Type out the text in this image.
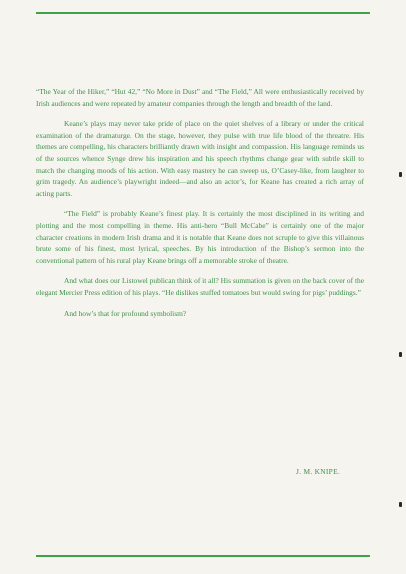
“The Year of the Hiker,” “Hut 42,” “No More in Dust” and “The Field,” All were enthusiastically received by Irish audiences and were repeated by amateur companies through the length and breadth of the land.

Keane’s plays may never take pride of place on the quiet shelves of a library or under the critical examination of the dramaturge. On the stage, however, they pulse with true life blood of the threatre. His themes are compelling, his characters brilliantly drawn with insight and compassion. His language reminds us of the sources whence Synge drew his inspiration and his speech rhythms change gear with subtle skill to match the changing moods of his action. With easy mastery he can sweep us, O’Casey-like, from laughter to grim tragedy. An audience’s playwright indeed—and also an actor’s, for Keane has created a rich array of acting parts.

“The Field” is probably Keane’s finest play. It is certainly the most disciplined in its writing and plotting and the most compelling in theme. His anti-hero “Bull McCabe” is certainly one of the major character creations in modern Irish drama and it is notable that Keane does not scruple to give this villainous brute some of his finest, most lyrical, speeches. By his introduction of the Bishop’s sermon into the conventional pattern of his rural play Keane brings off a memorable stroke of theatre.

And what does our Listowel publican think of it all? His summation is given on the back cover of the elegant Mercier Press edition of his plays. “He dislikes stuffed tomatoes but would swing for pigs’ puddings.”

And how’s that for profound symbolism?

J. M. KNIPE.
